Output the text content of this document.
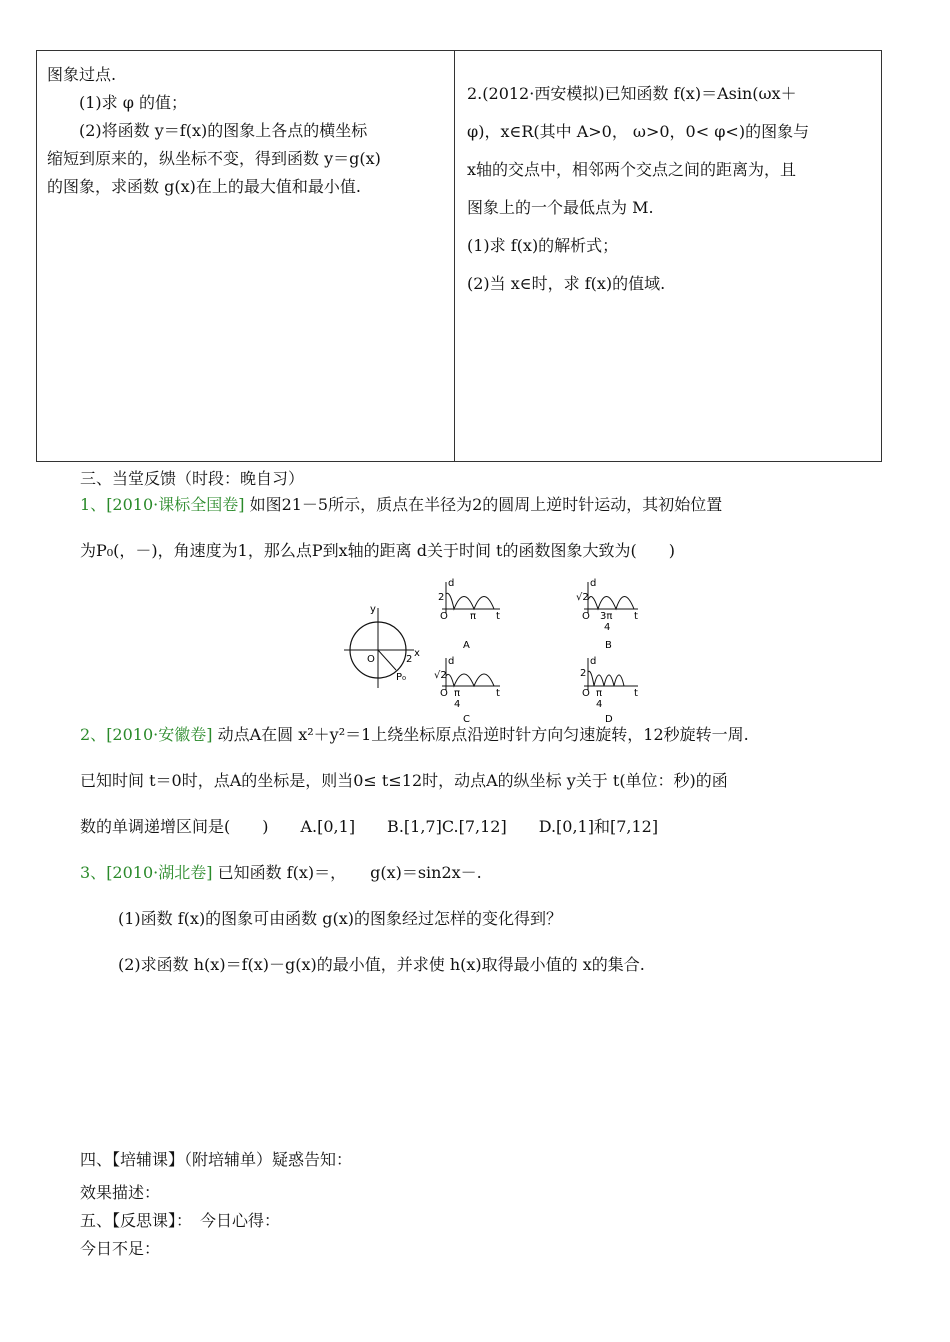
图象过点.
(1)求 φ 的值；
(2)将函数 y＝f(x)的图象上各点的横坐标
缩短到原来的，纵坐标不变，得到函数 y＝g(x)
的图象，求函数 g(x)在上的最大值和最小值.
2.(2012·西安模拟)已知函数 f(x)＝Asin(ωx＋
φ)，x∈R(其中 A>0， ω>0，0< φ<)的图象与
x轴的交点中，相邻两个交点之间的距离为，且
图象上的一个最低点为 M.
(1)求 f(x)的解析式；
(2)当 x∈时，求 f(x)的值域.
三、当堂反馈（时段：晚自习）
1、[2010·课标全国卷] 如图21－5所示，质点在半径为2的圆周上逆时针运动，其初始位置
为P₀(，－)，角速度为1，那么点P到x轴的距离 d关于时间 t的函数图象大致为(　　)
y
x
O	2
P₀
d
2
O π t
A
d
√2
O 3π
4
t
B
d
√2
O π
4
t
C
d
2
O π
4
t
D
2、[2010·安徽卷] 动点A在圆 x²＋y²＝1上绕坐标原点沿逆时针方向匀速旋转，12秒旋转一周.
已知时间 t＝0时，点A的坐标是，则当0≤ t≤12时，动点A的纵坐标 y关于 t(单位：秒)的函
数的单调递增区间是(　　)　　A.[0,1]　　B.[1,7]C.[7,12]　　D.[0,1]和[7,12]
3、[2010·湖北卷] 已知函数 f(x)＝，　　g(x)＝sin2x－.
(1)函数 f(x)的图象可由函数 g(x)的图象经过怎样的变化得到？
(2)求函数 h(x)＝f(x)－g(x)的最小值，并求使 h(x)取得最小值的 x的集合.
四、【培辅课】（附培辅单）疑惑告知：
效果描述：
五、【反思课】：　今日心得：
今日不足：
